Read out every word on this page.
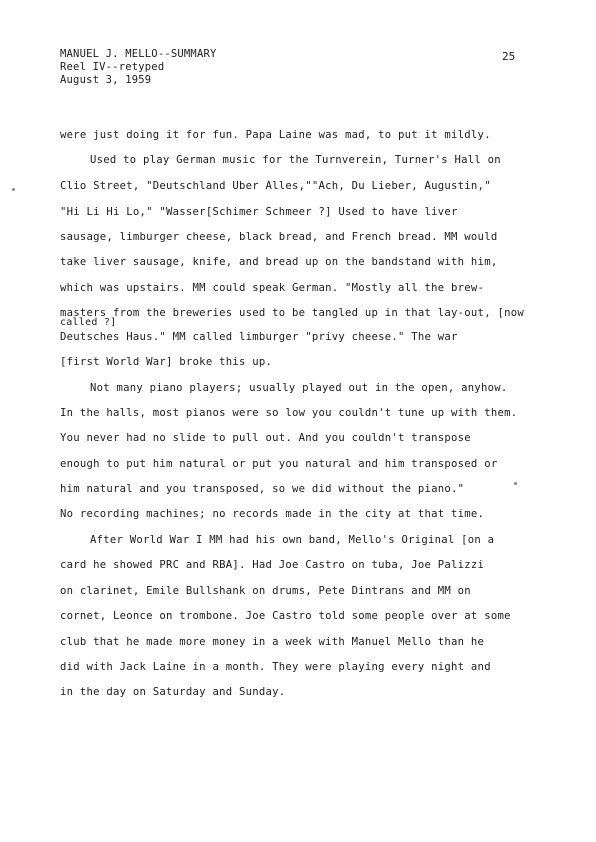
MANUEL J. MELLO--SUMMARY
Reel IV--retyped
August 3, 1959
25
were just doing it for fun. Papa Laine was mad, to put it mildly.
Used to play German music for the Turnverein, Turner's Hall on
Clio Street, "Deutschland Uber Alles,""Ach, Du Lieber, Augustin,"
"Hi Li Hi Lo," "Wasser[Schimer Schmeer ?] Used to have liver
sausage, limburger cheese, black bread, and French bread. MM would
take liver sausage, knife, and bread up on the bandstand with him,
which was upstairs. MM could speak German. "Mostly all the brew-
masters from the breweries used to be tangled up in that lay-out, [now
called ?]
Deutsches Haus." MM called limburger "privy cheese." The war
[first World War] broke this up.
Not many piano players; usually played out in the open, anyhow.
In the halls, most pianos were so low you couldn't tune up with them.
You never had no slide to pull out. And you couldn't transpose
enough to put him natural or put you natural and him transposed or
him natural and you transposed, so we did without the piano."
No recording machines; no records made in the city at that time.
After World War I MM had his own band, Mello's Original [on a
card he showed PRC and RBA]. Had Joe Castro on tuba, Joe Palizzi
on clarinet, Emile Bullshank on drums, Pete Dintrans and MM on
cornet, Leonce on trombone. Joe Castro told some people over at some
club that he made more money in a week with Manuel Mello than he
did with Jack Laine in a month. They were playing every night and
in the day on Saturday and Sunday.
